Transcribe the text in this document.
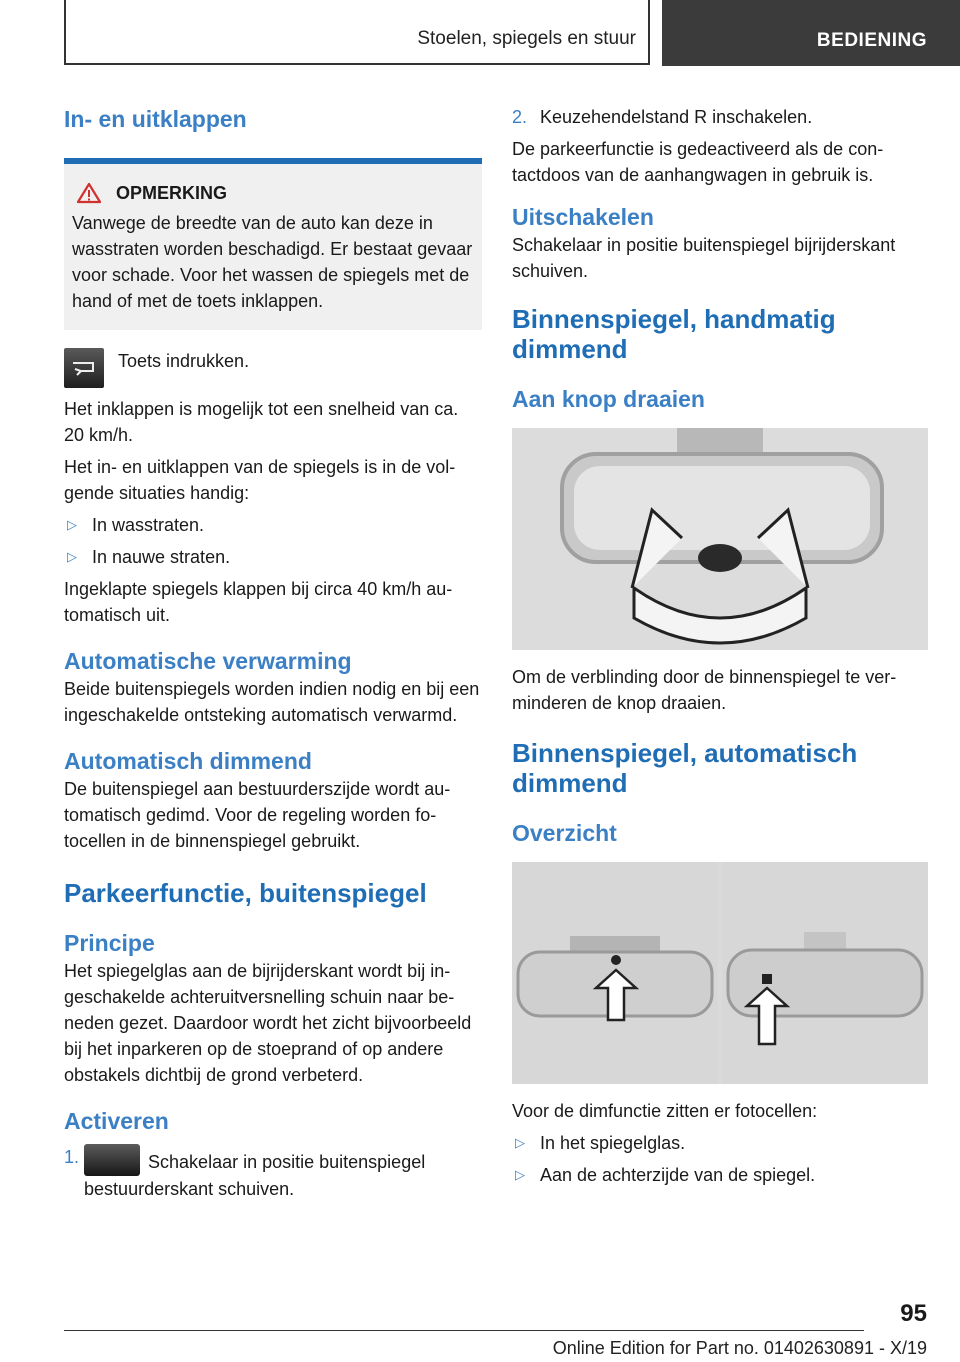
Stoelen, spiegels en stuur	BEDIENING
In- en uitklappen
OPMERKING

Vanwege de breedte van de auto kan deze in wasstraten worden beschadigd. Er bestaat gevaar voor schade. Voor het wassen de spiegels met de hand of met de toets inklappen.

Toets indrukken.

Het inklappen is mogelijk tot een snelheid van ca. 20 km/h.

Het in- en uitklappen van de spiegels is in de volgende situaties handig:

▷ In wasstraten.
▷ In nauwe straten.

Ingeklapte spiegels klappen bij circa 40 km/h automatisch uit.

Automatische verwarming

Beide buitenspiegels worden indien nodig en bij een ingeschakelde ontsteking automatisch verwarmd.

Automatisch dimmend

De buitenspiegel aan bestuurderszijde wordt automatisch gedimd. Voor de regeling worden fotocellen in de binnenspiegel gebruikt.

Parkeerfunctie, buitenspiegel
Principe

Het spiegelglas aan de bijrijderskant wordt bij ingeschakelde achteruitversnelling schuin naar beneden gezet. Daardoor wordt het zicht bijvoorbeeld bij het inparkeren op de stoeprand of op andere obstakels dichtbij de grond verbeterd.

Activeren
1.	Schakelaar in positie buitenspiegel bestuurderskant schuiven.
2. Keuzehendelstand R inschakelen.

De parkeerfunctie is gedeactiveerd als de contactdoos van de aanhangwagen in gebruik is.

Uitschakelen

Schakelaar in positie buitenspiegel bijrijderskant schuiven.

Binnenspiegel, handmatig dimmend
Aan knop draaien

Om de verblinding door de binnenspiegel te verminderen de knop draaien.

Binnenspiegel, automatisch dimmend
Overzicht

Voor de dimfunctie zitten er fotocellen:

▷ In het spiegelglas.
▷ Aan de achterzijde van de spiegel.
95
Online Edition for Part no. 01402630891 - X/19
